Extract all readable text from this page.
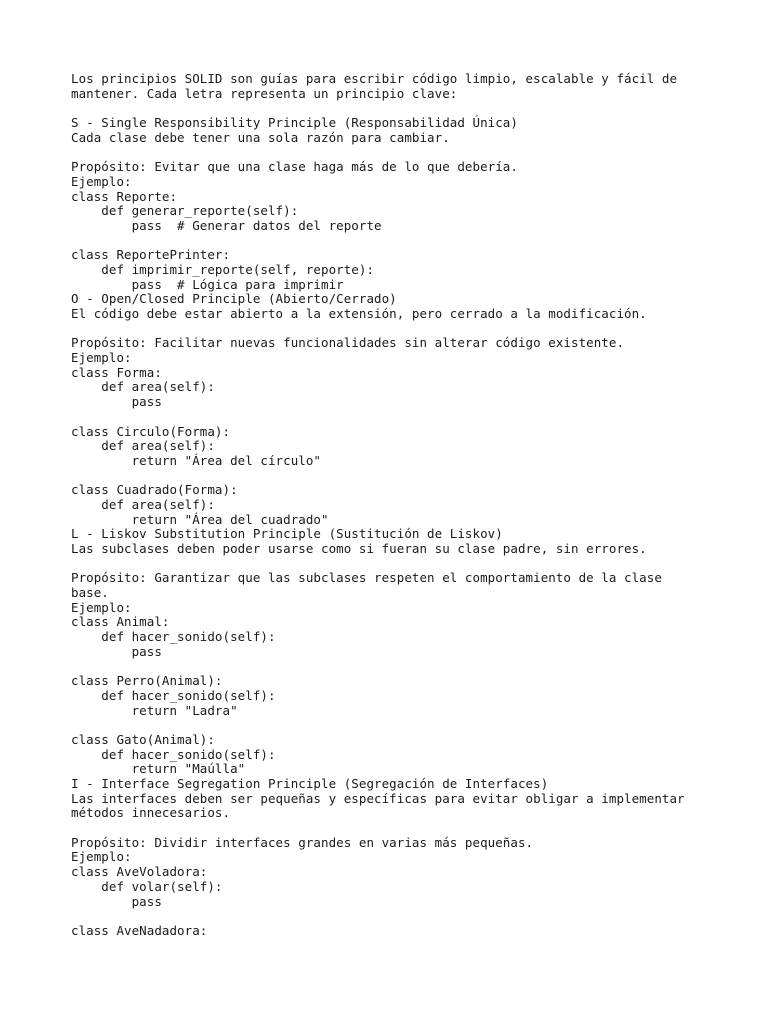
Los principios SOLID son guías para escribir código limpio, escalable y fácil de
mantener. Cada letra representa un principio clave:
S - Single Responsibility Principle (Responsabilidad Única)
Cada clase debe tener una sola razón para cambiar.
Propósito: Evitar que una clase haga más de lo que debería.
Ejemplo:
class Reporte:
def generar_reporte(self):
pass  # Generar datos del reporte
class ReportePrinter:
def imprimir_reporte(self, reporte):
pass  # Lógica para imprimir
O - Open/Closed Principle (Abierto/Cerrado)
El código debe estar abierto a la extensión, pero cerrado a la modificación.
Propósito: Facilitar nuevas funcionalidades sin alterar código existente.
Ejemplo:
class Forma:
def area(self):
pass
class Circulo(Forma):
def area(self):
return "Área del círculo"
class Cuadrado(Forma):
def area(self):
return "Área del cuadrado"
L - Liskov Substitution Principle (Sustitución de Liskov)
Las subclases deben poder usarse como si fueran su clase padre, sin errores.
Propósito: Garantizar que las subclases respeten el comportamiento de la clase
base.
Ejemplo:
class Animal:
def hacer_sonido(self):
pass
class Perro(Animal):
def hacer_sonido(self):
return "Ladra"
class Gato(Animal):
def hacer_sonido(self):
return "Maúlla"
I - Interface Segregation Principle (Segregación de Interfaces)
Las interfaces deben ser pequeñas y específicas para evitar obligar a implementar
métodos innecesarios.
Propósito: Dividir interfaces grandes en varias más pequeñas.
Ejemplo:
class AveVoladora:
def volar(self):
pass
class AveNadadora:
